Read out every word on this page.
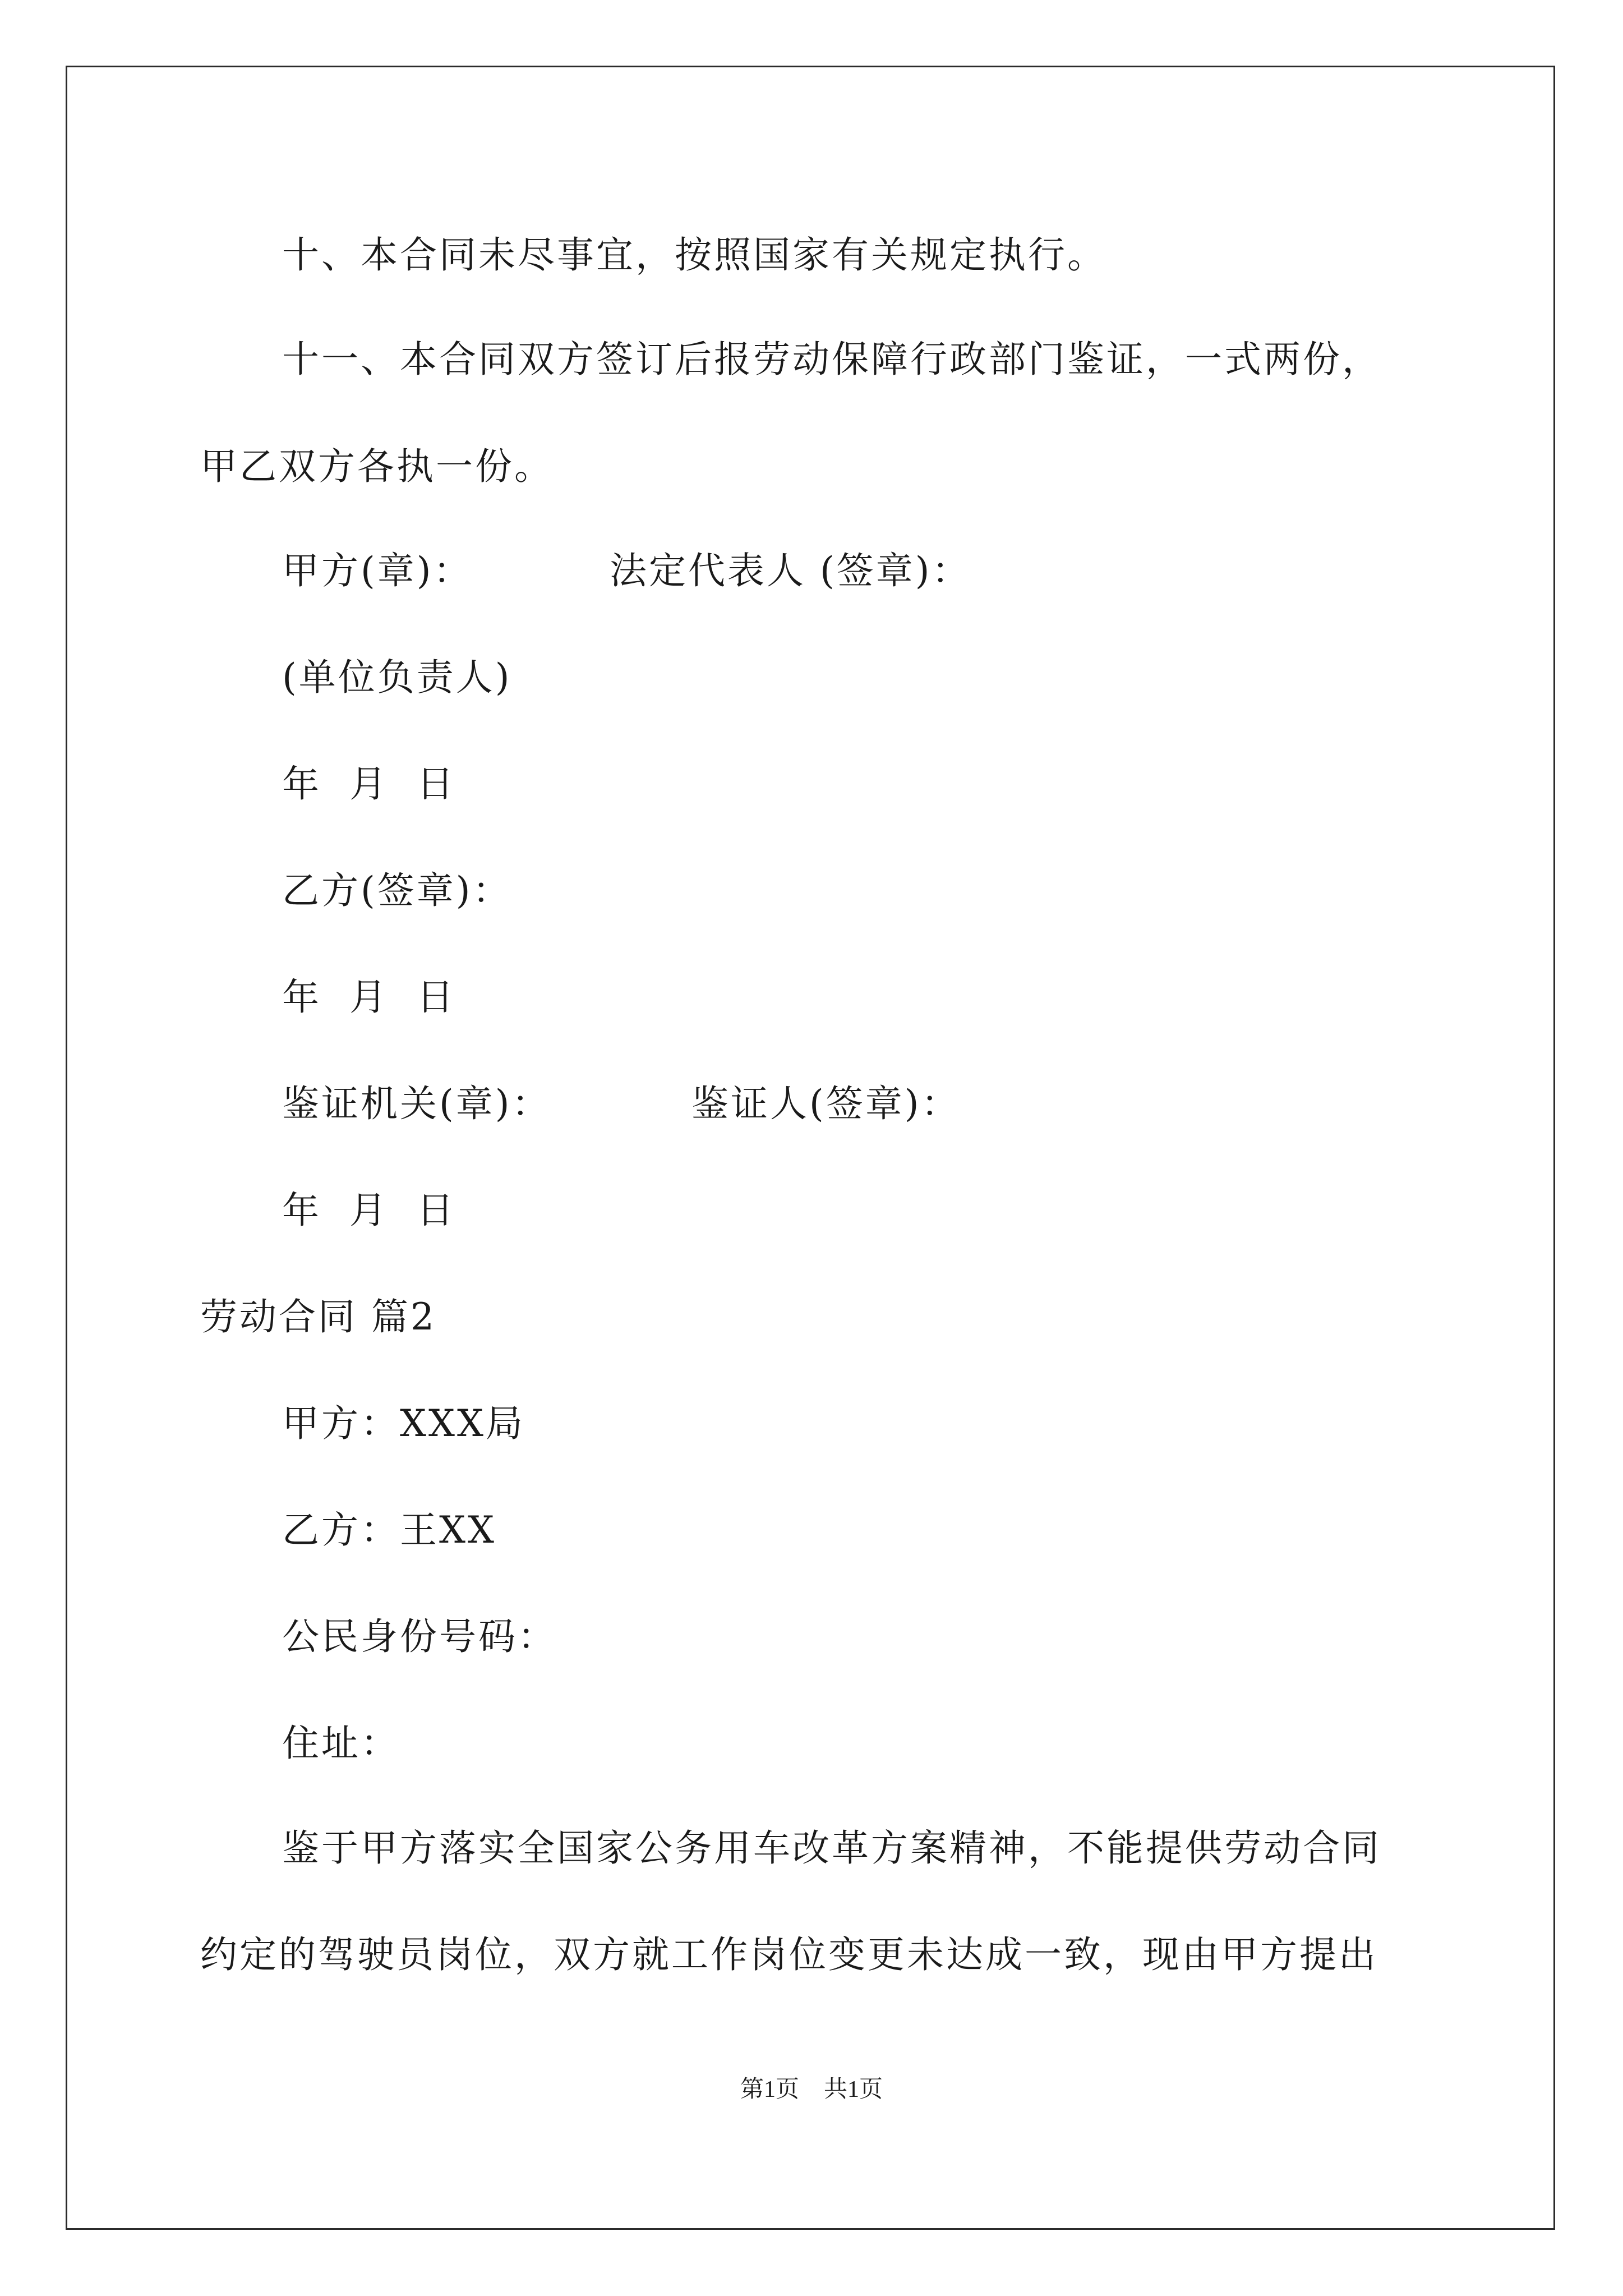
十、本合同未尽事宜，按照国家有关规定执行。
十一、本合同双方签订后报劳动保障行政部门鉴证，一式两份，
甲乙双方各执一份。
甲方(章)：	法定代表人 (签章)：
(单位负责人)
年  月  日
乙方(签章)：
年  月  日
鉴证机关(章)：	鉴证人(签章)：
年  月  日
劳动合同 篇2
甲方：XXX局
乙方：王XX
公民身份号码：
住址：
鉴于甲方落实全国家公务用车改革方案精神，不能提供劳动合同
约定的驾驶员岗位，双方就工作岗位变更未达成一致，现由甲方提出
第1页 共1页
